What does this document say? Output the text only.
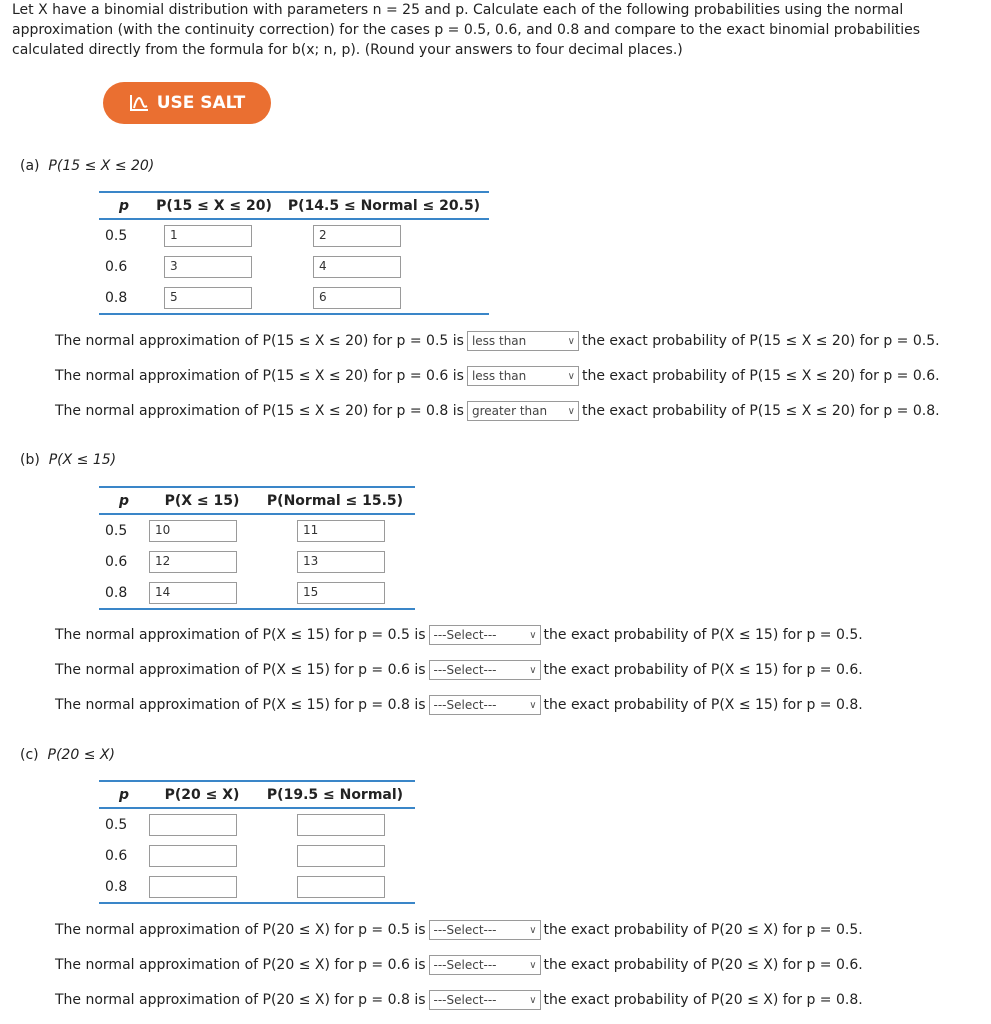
Let X have a binomial distribution with parameters n = 25 and p. Calculate each of the following probabilities using the normal
approximation (with the continuity correction) for the cases p = 0.5, 0.6, and 0.8 and compare to the exact binomial probabilities
calculated directly from the formula for b(x; n, p). (Round your answers to four decimal places.)
USE SALT
(a) P(15 ≤ X ≤ 20)
p	P(15 ≤ X ≤ 20)	P(14.5 ≤ Normal ≤ 20.5)
0.5	1	2

0.6	3	4

0.8	5	6
The normal approximation of P(15 ≤ X ≤ 20) for p = 0.5 is less than	∨ the exact probability of P(15 ≤ X ≤ 20) for p = 0.5.
The normal approximation of P(15 ≤ X ≤ 20) for p = 0.6 is less than	∨ the exact probability of P(15 ≤ X ≤ 20) for p = 0.6.
The normal approximation of P(15 ≤ X ≤ 20) for p = 0.8 is greater than ∨ the exact probability of P(15 ≤ X ≤ 20) for p = 0.8.
(b) P(X ≤ 15)
p	P(X ≤ 15)	P(Normal ≤ 15.5)
0.5	10	11

0.6	12	13

0.8	14	15
The normal approximation of P(X ≤ 15) for p = 0.5 is ---Select---	∨ the exact probability of P(X ≤ 15) for p = 0.5.
The normal approximation of P(X ≤ 15) for p = 0.6 is ---Select---	∨ the exact probability of P(X ≤ 15) for p = 0.6.
The normal approximation of P(X ≤ 15) for p = 0.8 is ---Select---	∨ the exact probability of P(X ≤ 15) for p = 0.8.
(c) P(20 ≤ X)
p	P(20 ≤ X)	P(19.5 ≤ Normal)
0.5	

0.6	

0.8	

The normal approximation of P(20 ≤ X) for p = 0.5 is ---Select---	∨ the exact probability of P(20 ≤ X) for p = 0.5.
The normal approximation of P(20 ≤ X) for p = 0.6 is ---Select---	∨ the exact probability of P(20 ≤ X) for p = 0.6.
The normal approximation of P(20 ≤ X) for p = 0.8 is ---Select---	∨ the exact probability of P(20 ≤ X) for p = 0.8.
